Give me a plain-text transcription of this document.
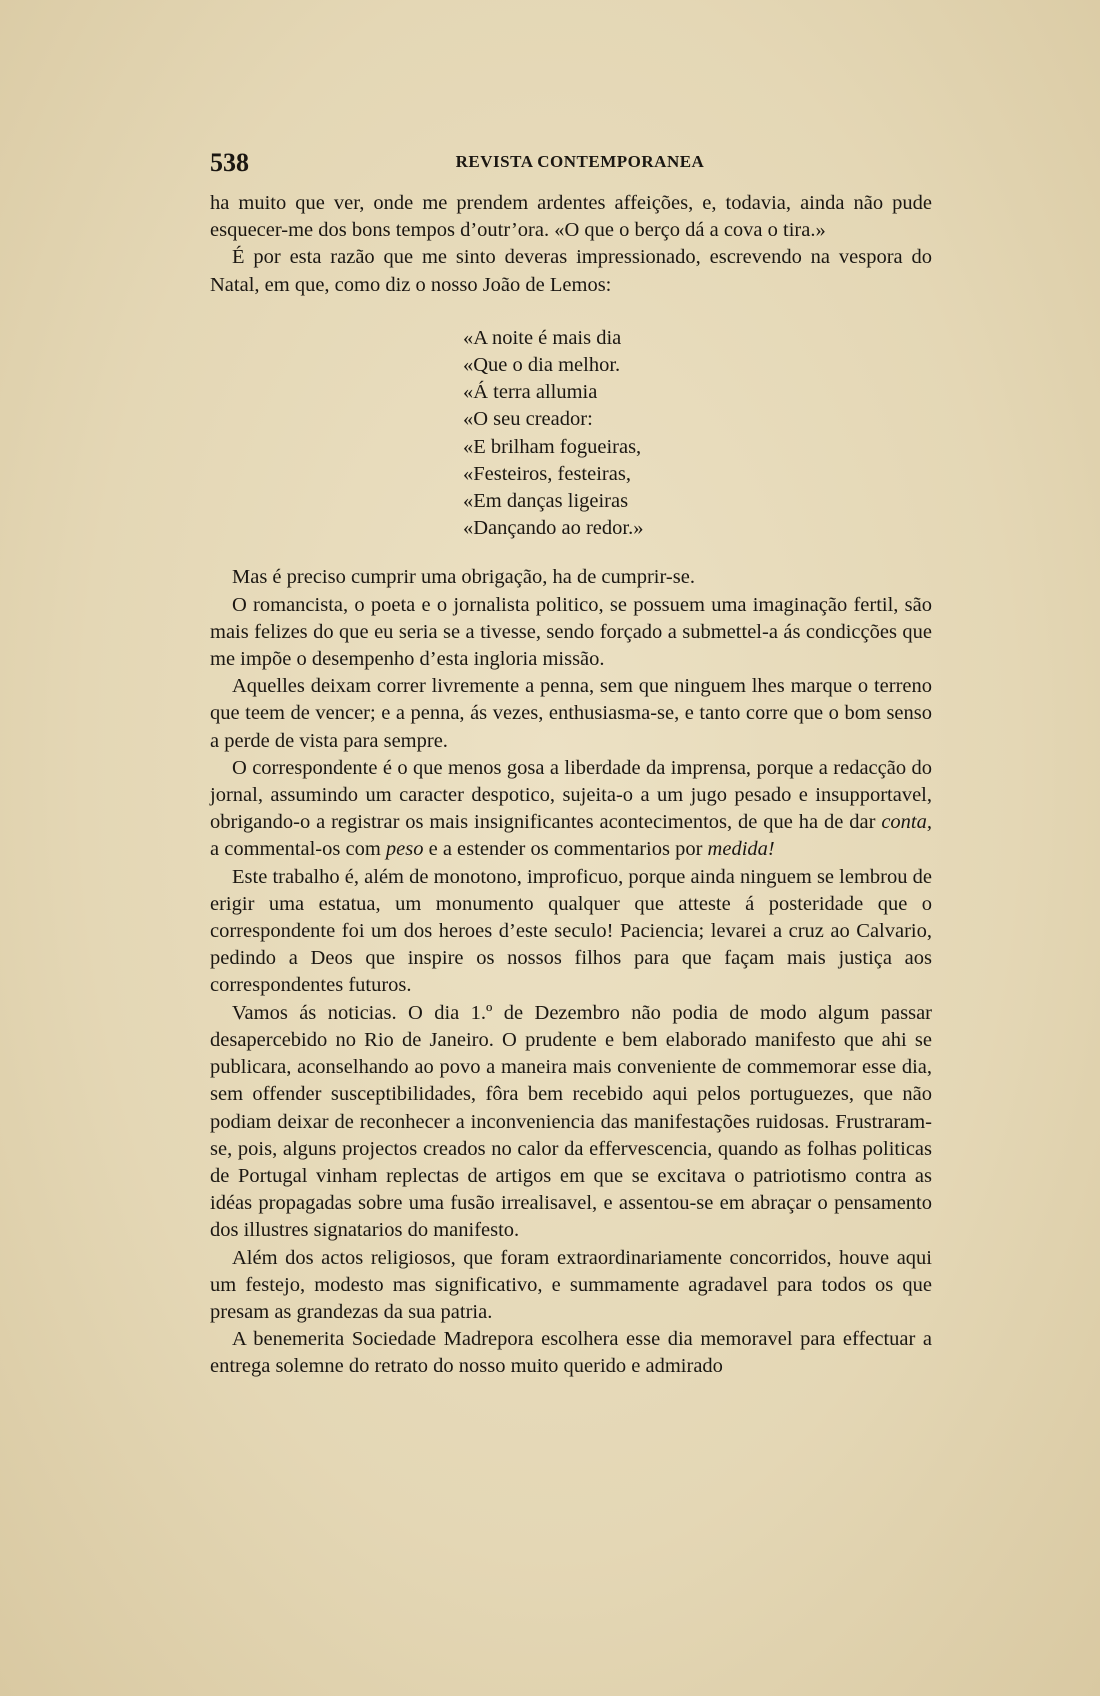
538	REVISTA CONTEMPORANEA

ha muito que ver, onde me prendem ardentes affeições, e, todavia, ainda não pude esquecer-me dos bons tempos d’outr’ora. «O que o berço dá a cova o tira.»

É por esta razão que me sinto deveras impressionado, escrevendo na vespora do Natal, em que, como diz o nosso João de Lemos:

«A noite é mais dia
«Que o dia melhor.
«Á terra allumia
«O seu creador:
«E brilham fogueiras,
«Festeiros, festeiras,
«Em danças ligeiras
«Dançando ao redor.»

Mas é preciso cumprir uma obrigação, ha de cumprir-se.

O romancista, o poeta e o jornalista politico, se possuem uma imaginação fertil, são mais felizes do que eu seria se a tivesse, sendo forçado a submettel-a ás condicções que me impõe o desempenho d’esta ingloria missão.

Aquelles deixam correr livremente a penna, sem que ninguem lhes marque o terreno que teem de vencer; e a penna, ás vezes, enthusiasma-se, e tanto corre que o bom senso a perde de vista para sempre.

O correspondente é o que menos gosa a liberdade da imprensa, porque a redacção do jornal, assumindo um caracter despotico, sujeita-o a um jugo pesado e insupportavel, obrigando-o a registrar os mais insignificantes acontecimentos, de que ha de dar conta, a commental-os com peso e a estender os commentarios por medida!

Este trabalho é, além de monotono, improficuo, porque ainda ninguem se lembrou de erigir uma estatua, um monumento qualquer que atteste á posteridade que o correspondente foi um dos heroes d’este seculo! Paciencia; levarei a cruz ao Calvario, pedindo a Deos que inspire os nossos filhos para que façam mais justiça aos correspondentes futuros.

Vamos ás noticias. O dia 1.º de Dezembro não podia de modo algum passar desapercebido no Rio de Janeiro. O prudente e bem elaborado manifesto que ahi se publicara, aconselhando ao povo a maneira mais conveniente de commemorar esse dia, sem offender susceptibilidades, fôra bem recebido aqui pelos portuguezes, que não podiam deixar de reconhecer a inconveniencia das manifestações ruidosas. Frustraram-se, pois, alguns projectos creados no calor da effervescencia, quando as folhas politicas de Portugal vinham replectas de artigos em que se excitava o patriotismo contra as idéas propagadas sobre uma fusão irrealisavel, e assentou-se em abraçar o pensamento dos illustres signatarios do manifesto.

Além dos actos religiosos, que foram extraordinariamente concorridos, houve aqui um festejo, modesto mas significativo, e summamente agradavel para todos os que presam as grandezas da sua patria.

A benemerita Sociedade Madrepora escolhera esse dia memoravel para effectuar a entrega solemne do retrato do nosso muito querido e admirado
